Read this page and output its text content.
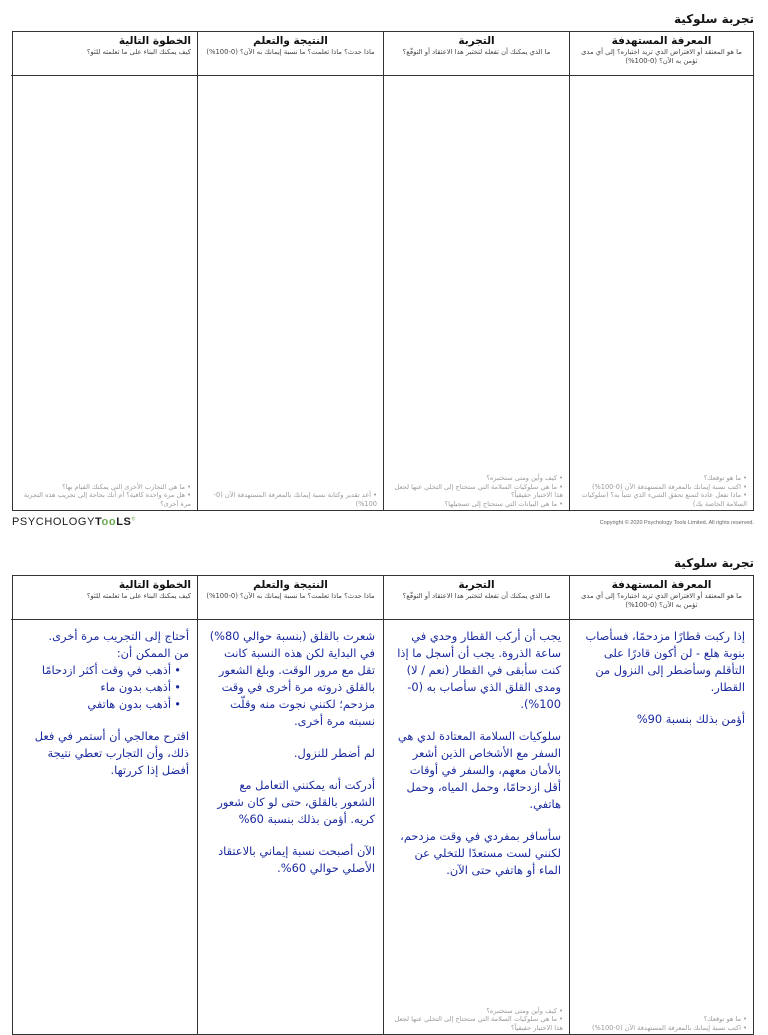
تجربة سلوكية
المعرفة المستهدفة

ما هو المعتقد أو الافتراض الذي تريد اختباره؟ إلى أي مدى تؤمن به الآن؟ (0-100%)

• ما هو توقعك؟
• اكتب نسبة إيمانك بالمعرفة المستهدفة الآن (0-100%)
• ماذا تفعل عادة لتمنع تحقق الشيء الذي تتنبأ به؟ (سلوكيات السلامة الخاصة بك)
التجربة

ما الذي يمكنك أن تفعله لتختبر هذا الاعتقاد أو التوقّع؟

• كيف وأين ومتى ستختبره؟
• ما هي سلوكيات السلامة التي ستحتاج إلى التخلي عنها لجعل هذا الاختبار حقيقياً؟
• ما هي البيانات التي ستحتاج إلى تسجيلها؟
النتيجة والتعلم

ماذا حدث؟ ماذا تعلمت؟ ما نسبة إيمانك به الآن؟ (0-100%)

• أعد تقدير وكتابة نسبة إيمانك بالمعرفة المستهدفة الآن (0-100%)
الخطوة التالية

كيف يمكنك البناء على ما تعلمته للتو؟

• ما هي التجارب الأخرى التي يمكنك القيام بها؟
• هل مرة واحدة كافية؟ أم أنك بحاجة إلى تجريب هذه التجربة مرة أخرى؟
PSYCHOLOGYTooLS®
Copyright © 2020 Psychology Tools Limited. All rights reserved.
تجربة سلوكية
المعرفة المستهدفة

ما هو المعتقد أو الافتراض الذي تريد اختباره؟ إلى أي مدى تؤمن به الآن؟ (0-100%)

إذا ركبت قطارًا مزدحمًا، فسأصاب بنوبة هلع - لن أكون قادرًا على التأقلم وسأضطر إلى النزول من القطار.

أؤمن بذلك بنسبة 90%

• ما هو توقعك؟
• اكتب نسبة إيمانك بالمعرفة المستهدفة الآن (0-100%)
التجربة

ما الذي يمكنك أن تفعله لتختبر هذا الاعتقاد أو التوقّع؟

يجب أن أركب القطار وحدي في ساعة الذروة. يجب أن أسجل ما إذا كنت سأبقى في القطار (نعم / لا) ومدى القلق الذي سأصاب به (0-100%).

سلوكيات السلامة المعتادة لدي هي السفر مع الأشخاص الذين أشعر بالأمان معهم، والسفر في أوقات أقل ازدحامًا، وحمل المياه، وحمل هاتفي.

سأسافر بمفردي في وقت مزدحم، لكنني لست مستعدًا للتخلي عن الماء أو هاتفي حتى الآن.

• كيف وأين ومتى ستختبره؟
• ما هي سلوكيات السلامة التي ستحتاج إلى التخلي عنها لجعل هذا الاختبار حقيقياً؟
النتيجة والتعلم

ماذا حدث؟ ماذا تعلمت؟ ما نسبة إيمانك به الآن؟ (0-100%)

شعرت بالقلق (بنسبة حوالي 80%) في البداية لكن هذه النسبة كانت تقل مع مرور الوقت. وبلغ الشعور بالقلق ذروته مرة أخرى في وقت مزدحم؛ لكنني نجوت منه وقلّت نسبته مرة أخرى.

لم أضطر للنزول.

أدركت أنه يمكنني التعامل مع الشعور بالقلق، حتى لو كان شعور كريه. أؤمن بذلك بنسبة 60%

الآن أصبحت نسبة إيماني بالاعتقاد الأصلي حوالي 60%.

الخطوة التالية

كيف يمكنك البناء على ما تعلمته للتو؟

أحتاج إلى التجريب مرة أخرى.
من الممكن أن:
• أذهب في وقت أكثر ازدحامًا
• أذهب بدون ماء
• أذهب بدون هاتفي

اقترح معالجي أن أستمر في فعل ذلك، وأن التجارب تعطي نتيجة أفضل إذا كررتها.
